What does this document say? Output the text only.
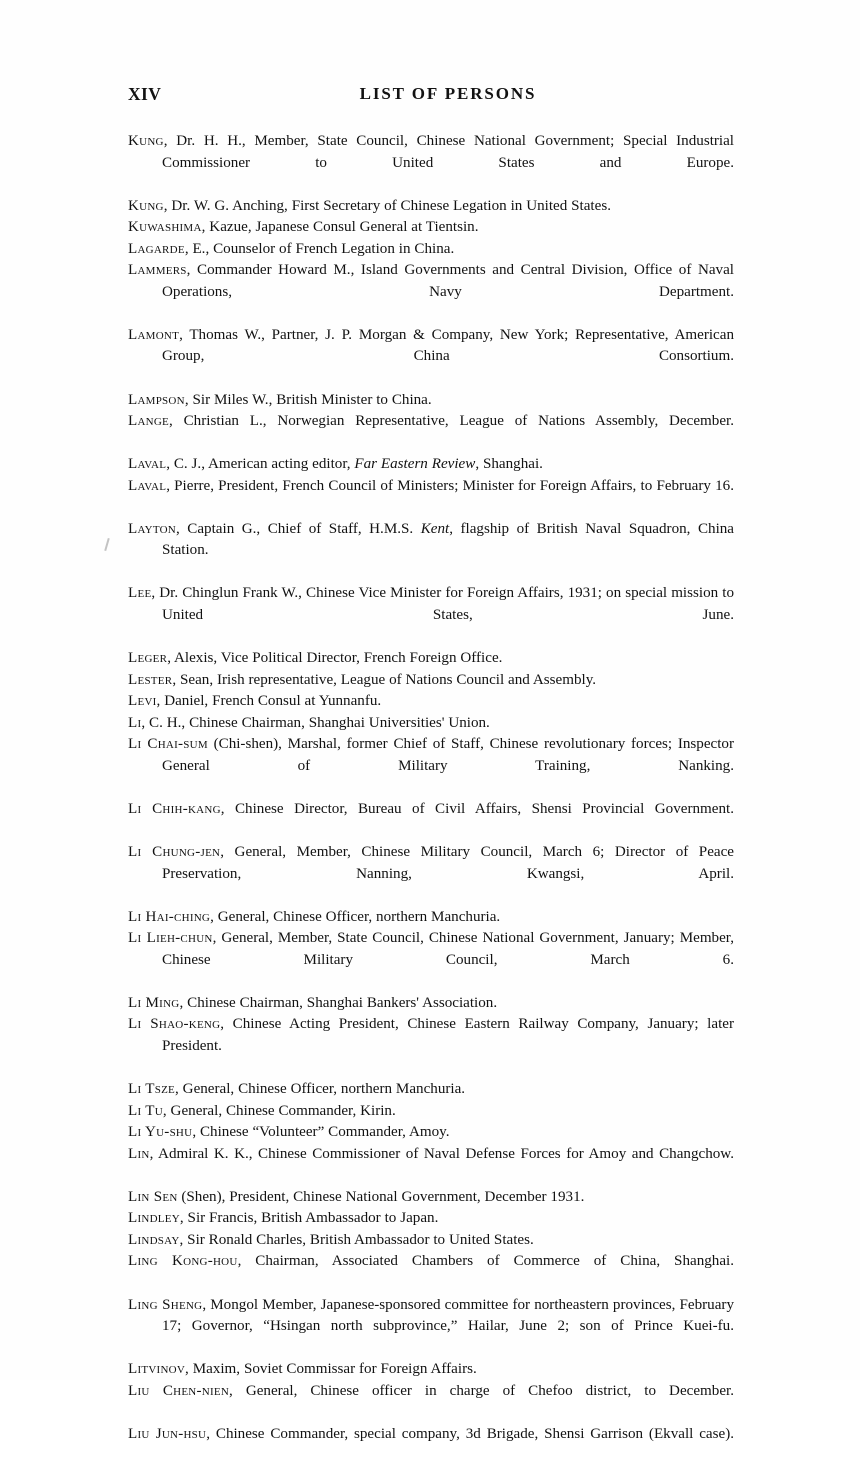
XIV	LIST OF PERSONS

Kung, Dr. H. H., Member, State Council, Chinese National Government; Special Industrial Commissioner to United States and Europe.

Kung, Dr. W. G. Anching, First Secretary of Chinese Legation in United States.

Kuwashima, Kazue, Japanese Consul General at Tientsin.

Lagarde, E., Counselor of French Legation in China.

Lammers, Commander Howard M., Island Governments and Central Division, Office of Naval Operations, Navy Department.

Lamont, Thomas W., Partner, J. P. Morgan & Company, New York; Representative, American Group, China Consortium.

Lampson, Sir Miles W., British Minister to China.

Lange, Christian L., Norwegian Representative, League of Nations Assembly, December.

Laval, C. J., American acting editor, Far Eastern Review, Shanghai.

Laval, Pierre, President, French Council of Ministers; Minister for Foreign Affairs, to February 16.

Layton, Captain G., Chief of Staff, H.M.S. Kent, flagship of British Naval Squadron, China Station.

Lee, Dr. Chinglun Frank W., Chinese Vice Minister for Foreign Affairs, 1931; on special mission to United States, June.

Leger, Alexis, Vice Political Director, French Foreign Office.

Lester, Sean, Irish representative, League of Nations Council and Assembly.

Levi, Daniel, French Consul at Yunnanfu.

Li, C. H., Chinese Chairman, Shanghai Universities' Union.

Li Chai-sum (Chi-shen), Marshal, former Chief of Staff, Chinese revolutionary forces; Inspector General of Military Training, Nanking.

Li Chih-kang, Chinese Director, Bureau of Civil Affairs, Shensi Provincial Government.

Li Chung-jen, General, Member, Chinese Military Council, March 6; Director of Peace Preservation, Nanning, Kwangsi, April.

Li Hai-ching, General, Chinese Officer, northern Manchuria.

Li Lieh-chun, General, Member, State Council, Chinese National Government, January; Member, Chinese Military Council, March 6.

Li Ming, Chinese Chairman, Shanghai Bankers' Association.

Li Shao-keng, Chinese Acting President, Chinese Eastern Railway Company, January; later President.

Li Tsze, General, Chinese Officer, northern Manchuria.

Li Tu, General, Chinese Commander, Kirin.

Li Yu-shu, Chinese “Volunteer” Commander, Amoy.

Lin, Admiral K. K., Chinese Commissioner of Naval Defense Forces for Amoy and Changchow.

Lin Sen (Shen), President, Chinese National Government, December 1931.

Lindley, Sir Francis, British Ambassador to Japan.

Lindsay, Sir Ronald Charles, British Ambassador to United States.

Ling Kong-hou, Chairman, Associated Chambers of Commerce of China, Shanghai.

Ling Sheng, Mongol Member, Japanese-sponsored committee for northeastern provinces, February 17; Governor, “Hsingan north subprovince,” Hailar, June 2; son of Prince Kuei-fu.

Litvinov, Maxim, Soviet Commissar for Foreign Affairs.

Liu Chen-nien, General, Chinese officer in charge of Chefoo district, to December.

Liu Jun-hsu, Chinese Commander, special company, 3d Brigade, Shensi Garrison (Ekvall case).
